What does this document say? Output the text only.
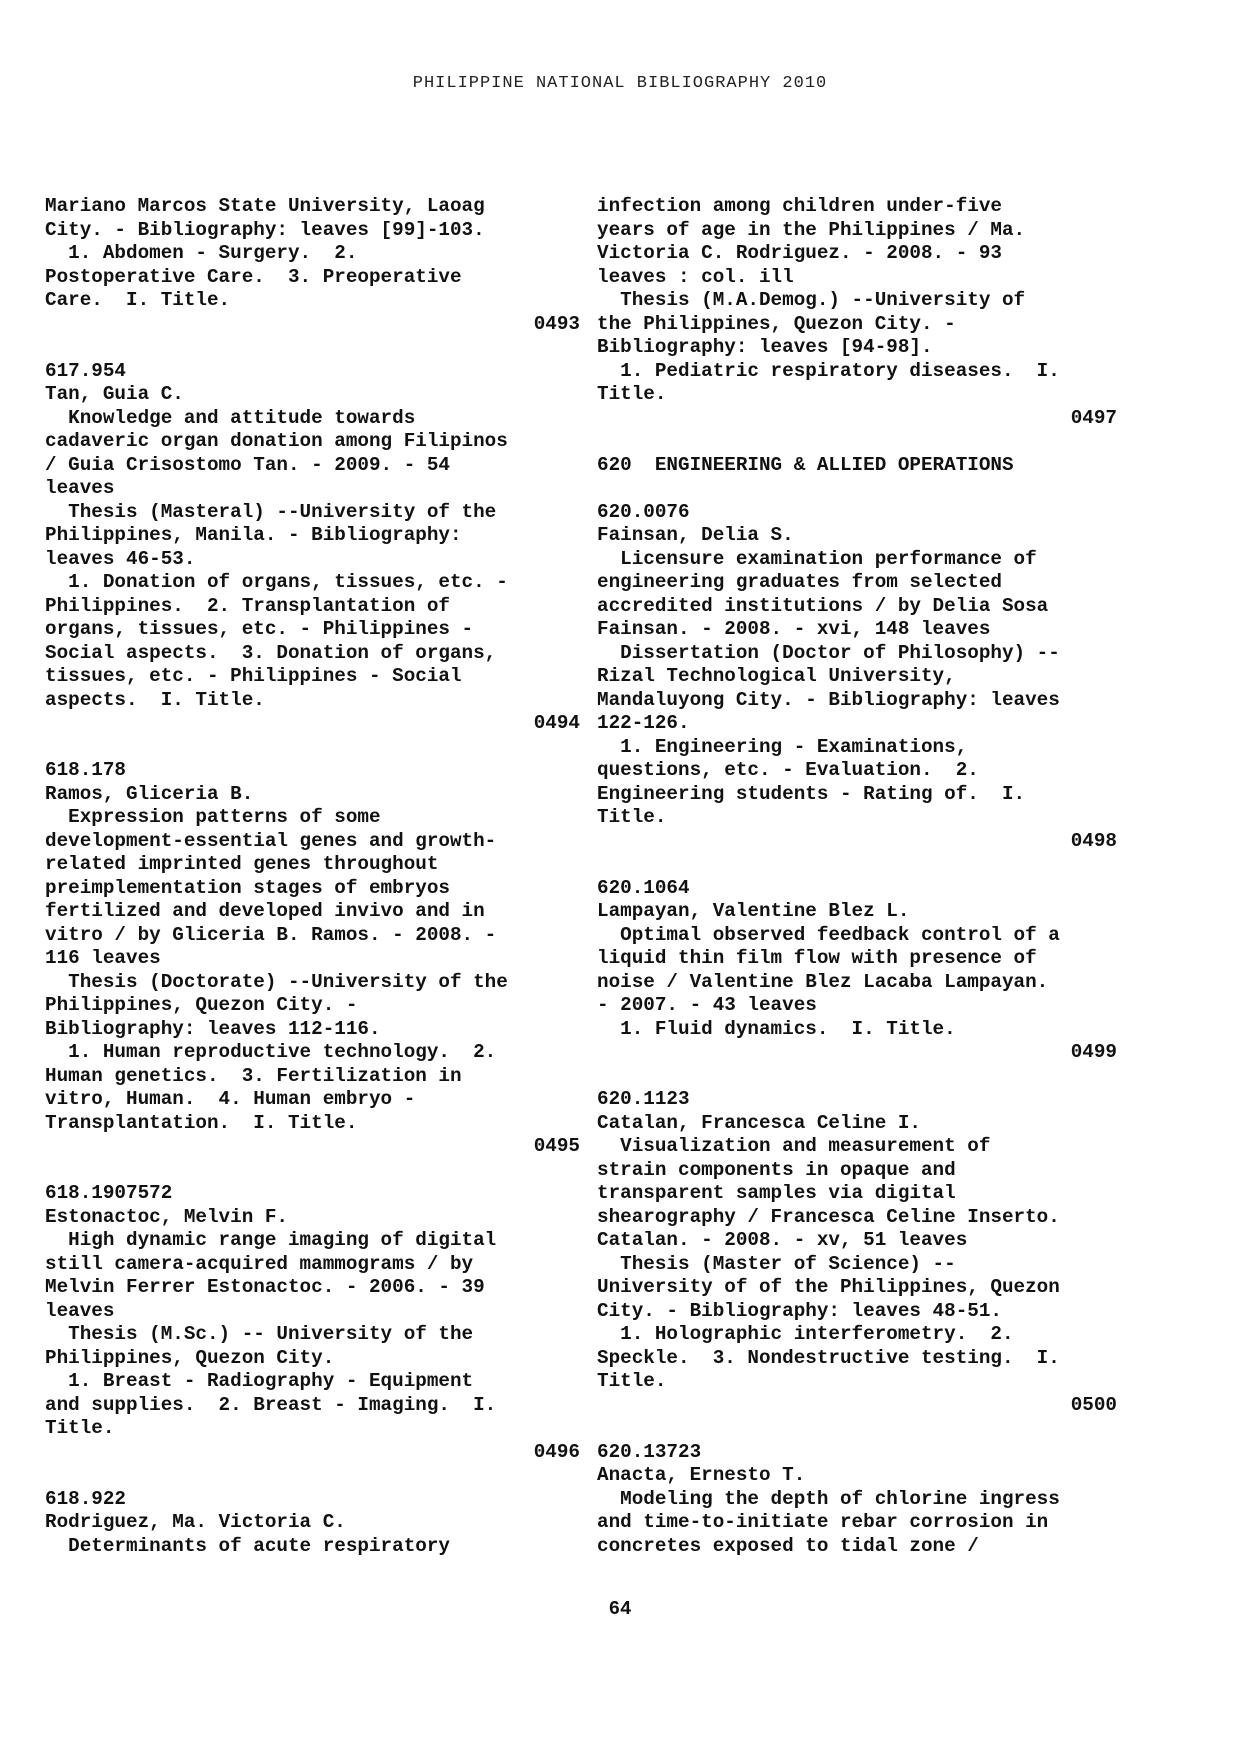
PHILIPPINE NATIONAL BIBLIOGRAPHY 2010
Mariano Marcos State University, Laoag
City. - Bibliography: leaves [99]-103.
1. Abdomen - Surgery.  2.
Postoperative Care.  3. Preoperative
Care.  I. Title.
0493
617.954
Tan, Guia C.
Knowledge and attitude towards
cadaveric organ donation among Filipinos
/ Guia Crisostomo Tan. - 2009. - 54
leaves
Thesis (Masteral) --University of the
Philippines, Manila. - Bibliography:
leaves 46-53.
1. Donation of organs, tissues, etc. -
Philippines.  2. Transplantation of
organs, tissues, etc. - Philippines -
Social aspects.  3. Donation of organs,
tissues, etc. - Philippines - Social
aspects.  I. Title.
0494
618.178
Ramos, Gliceria B.
Expression patterns of some
development-essential genes and growth-
related imprinted genes throughout
preimplementation stages of embryos
fertilized and developed invivo and in
vitro / by Gliceria B. Ramos. - 2008. -
116 leaves
Thesis (Doctorate) --University of the
Philippines, Quezon City. -
Bibliography: leaves 112-116.
1. Human reproductive technology.  2.
Human genetics.  3. Fertilization in
vitro, Human.  4. Human embryo -
Transplantation.  I. Title.
0495
618.1907572
Estonactoc, Melvin F.
High dynamic range imaging of digital
still camera-acquired mammograms / by
Melvin Ferrer Estonactoc. - 2006. - 39
leaves
Thesis (M.Sc.) -- University of the
Philippines, Quezon City.
1. Breast - Radiography - Equipment
and supplies.  2. Breast - Imaging.  I.
Title.
0496
618.922
Rodriguez, Ma. Victoria C.
Determinants of acute respiratory
infection among children under-five
years of age in the Philippines / Ma.
Victoria C. Rodriguez. - 2008. - 93
leaves : col. ill
Thesis (M.A.Demog.) --University of
the Philippines, Quezon City. -
Bibliography: leaves [94-98].
1. Pediatric respiratory diseases.  I.
Title.
0497
620  ENGINEERING & ALLIED OPERATIONS
620.0076
Fainsan, Delia S.
Licensure examination performance of
engineering graduates from selected
accredited institutions / by Delia Sosa
Fainsan. - 2008. - xvi, 148 leaves
Dissertation (Doctor of Philosophy) --
Rizal Technological University,
Mandaluyong City. - Bibliography: leaves
122-126.
1. Engineering - Examinations,
questions, etc. - Evaluation.  2.
Engineering students - Rating of.  I.
Title.
0498
620.1064
Lampayan, Valentine Blez L.
Optimal observed feedback control of a
liquid thin film flow with presence of
noise / Valentine Blez Lacaba Lampayan.
- 2007. - 43 leaves
1. Fluid dynamics.  I. Title.
0499
620.1123
Catalan, Francesca Celine I.
Visualization and measurement of
strain components in opaque and
transparent samples via digital
shearography / Francesca Celine Inserto.
Catalan. - 2008. - xv, 51 leaves
Thesis (Master of Science) --
University of of the Philippines, Quezon
City. - Bibliography: leaves 48-51.
1. Holographic interferometry.  2.
Speckle.  3. Nondestructive testing.  I.
Title.
0500
620.13723
Anacta, Ernesto T.
Modeling the depth of chlorine ingress
and time-to-initiate rebar corrosion in
concretes exposed to tidal zone /
64
